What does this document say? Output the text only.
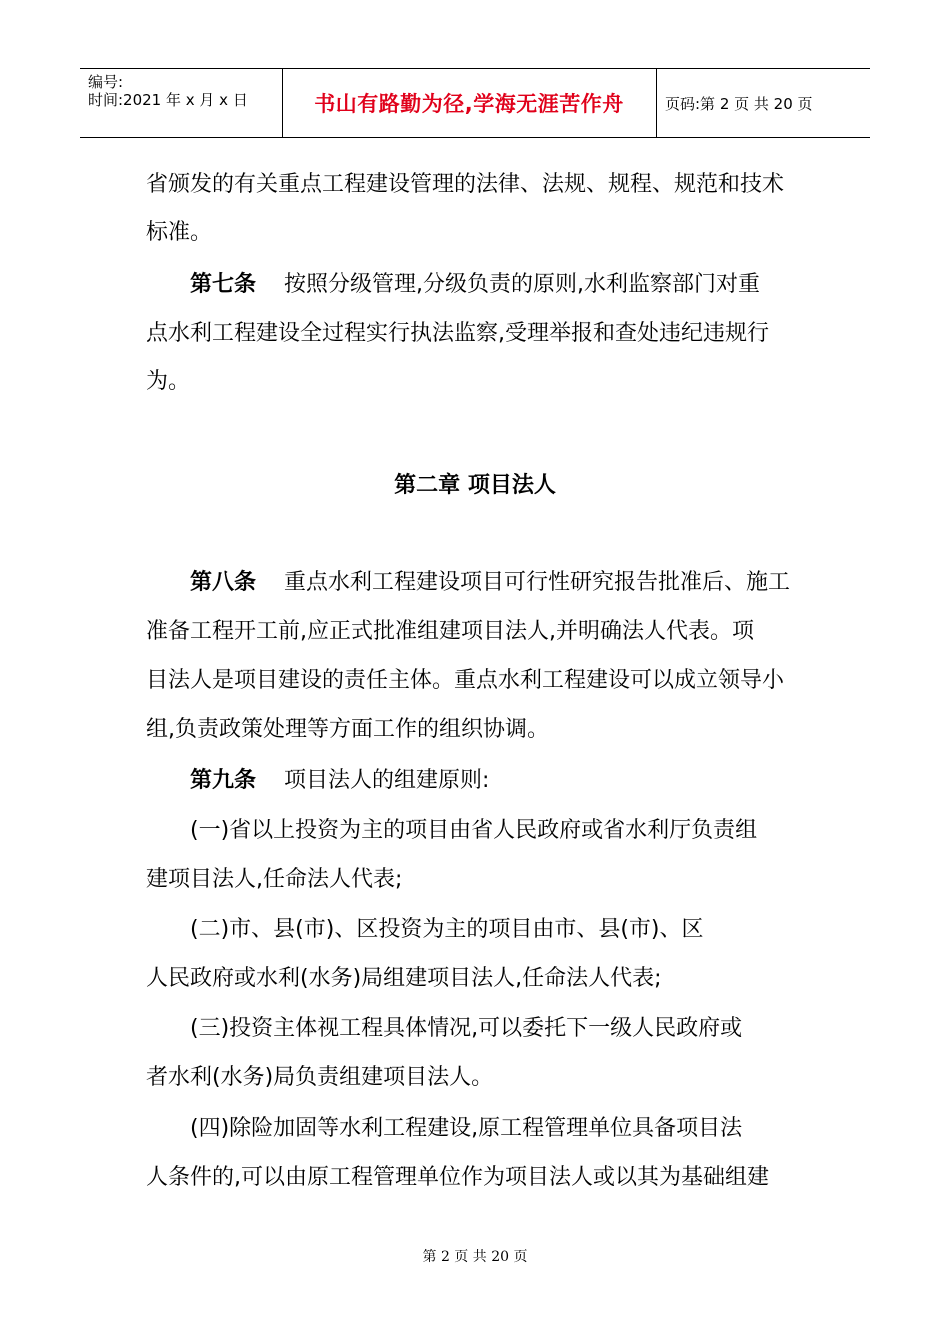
编号:
时间:2021 年 x 月 x 日	书山有路勤为径,学海无涯苦作舟	页码:第 2 页 共 20 页
省颁发的有关重点工程建设管理的法律、法规、规程、规范和技术
标准。
第七条 按照分级管理,分级负责的原则,水利监察部门对重
点水利工程建设全过程实行执法监察,受理举报和查处违纪违规行
为。
第二章 项目法人
第八条 重点水利工程建设项目可行性研究报告批准后、施工
准备工程开工前,应正式批准组建项目法人,并明确法人代表。项
目法人是项目建设的责任主体。重点水利工程建设可以成立领导小
组,负责政策处理等方面工作的组织协调。
第九条 项目法人的组建原则:
(一)省以上投资为主的项目由省人民政府或省水利厅负责组
建项目法人,任命法人代表;
(二)市、县(市)、区投资为主的项目由市、县(市)、区
人民政府或水利(水务)局组建项目法人,任命法人代表;
(三)投资主体视工程具体情况,可以委托下一级人民政府或
者水利(水务)局负责组建项目法人。
(四)除险加固等水利工程建设,原工程管理单位具备项目法
人条件的,可以由原工程管理单位作为项目法人或以其为基础组建
第 2 页 共 20 页
